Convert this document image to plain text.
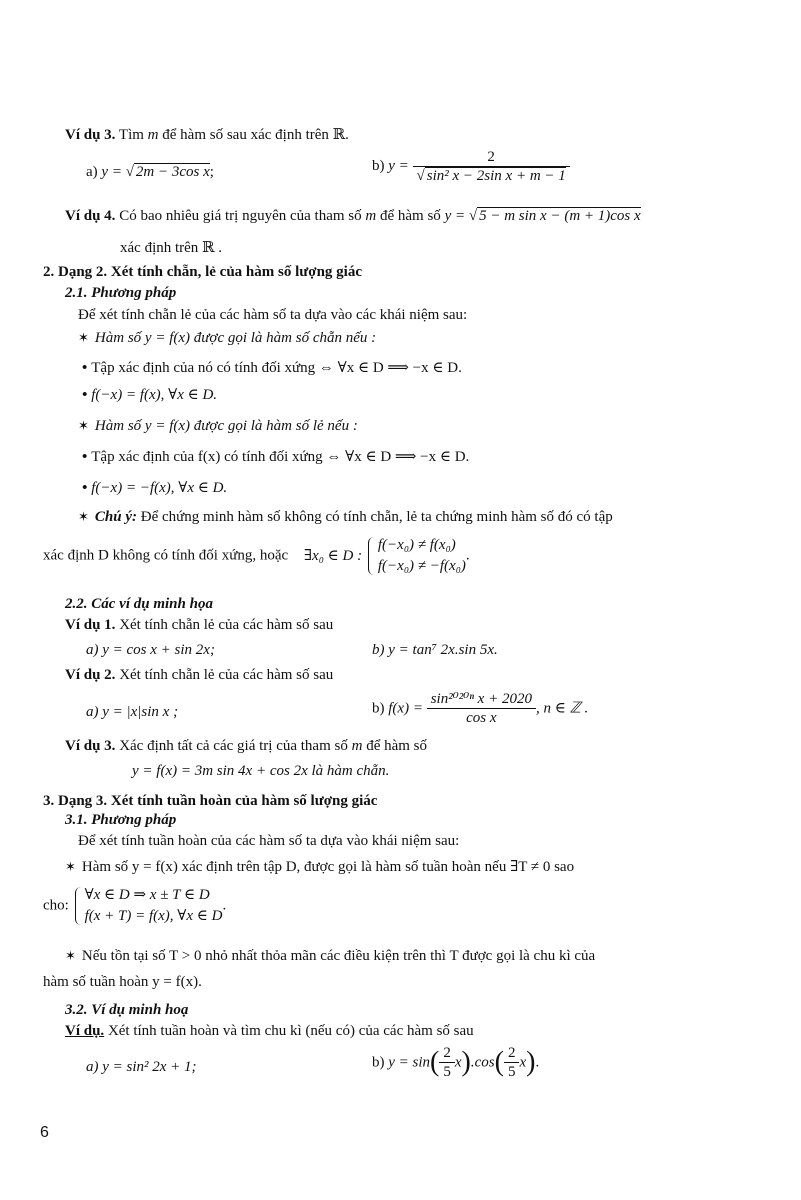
Ví dụ 3. Tìm m để hàm số sau xác định trên ℝ.
a) y = √ 2m − 3cos x;	b) $y = \frac{2}{\text{√ sin² x − 2sin x + m − 1}}$
Ví dụ 4. Có bao nhiêu giá trị nguyên của tham số m để hàm số y = √ 5 − m sin x − (m + 1)cos x
xác định trên ℝ .
2. Dạng 2. Xét tính chẵn, lẻ của hàm số lượng giác
2.1. Phương pháp
Để xét tính chẵn lẻ của các hàm số ta dựa vào các khái niệm sau:
✶ Hàm số y = f(x) được gọi là hàm số chẵn nếu :
• Tập xác định của nó có tính đối xứng ⇔ ∀x ∈ D ⟹ −x ∈ D.
• f(−x) = f(x), ∀x ∈ D.
✶ Hàm số y = f(x) được gọi là hàm số lẻ nếu :
• Tập xác định của f(x) có tính đối xứng ⇔ ∀x ∈ D ⟹ −x ∈ D.
• f(−x) = −f(x), ∀x ∈ D.
✶ Chú ý: Để chứng minh hàm số không có tính chẵn, lẻ ta chứng minh hàm số đó có tập
xác định D không có tính đối xứng, hoặc ∃x₀ ∈ D :
f(−x₀) ≠ f(x₀)
f(−x₀) ≠ −f(x₀)
.
2.2. Các ví dụ minh họa
Ví dụ 1. Xét tính chẵn lẻ của các hàm số sau
a) y = cos x + sin 2x;	b) y = tan⁷ 2x.sin 5x.
Ví dụ 2. Xét tính chẵn lẻ của các hàm số sau
a) y = |x|sin x ;	b) $f(x) = \frac{\text{sin²⁰²⁰ⁿ x + 2020}}{\text{cos x}}$ , n ∈ ℤ .
Ví dụ 3. Xác định tất cả các giá trị của tham số m để hàm số
y = f(x) = 3m sin 4x + cos 2x là hàm chẵn.
3. Dạng 3. Xét tính tuần hoàn của hàm số lượng giác
3.1. Phương pháp
Để xét tính tuần hoàn của các hàm số ta dựa vào khái niệm sau:
✶ Hàm số y = f(x) xác định trên tập D, được gọi là hàm số tuần hoàn nếu ∃T ≠ 0 sao
cho:
∀x ∈ D ⇒ x ± T ∈ D
f(x + T) = f(x), ∀x ∈ D
.
✶ Nếu tồn tại số T > 0 nhỏ nhất thỏa mãn các điều kiện trên thì T được gọi là chu kì của
hàm số tuần hoàn y = f(x).
3.2. Ví dụ minh hoạ
Ví dụ. Xét tính tuần hoàn và tìm chu kì (nếu có) của các hàm số sau
a) y = sin² 2x + 1;	b) $y = \sin( \frac{2}{5} x).\cos( \frac{2}{5} x)$.
6
